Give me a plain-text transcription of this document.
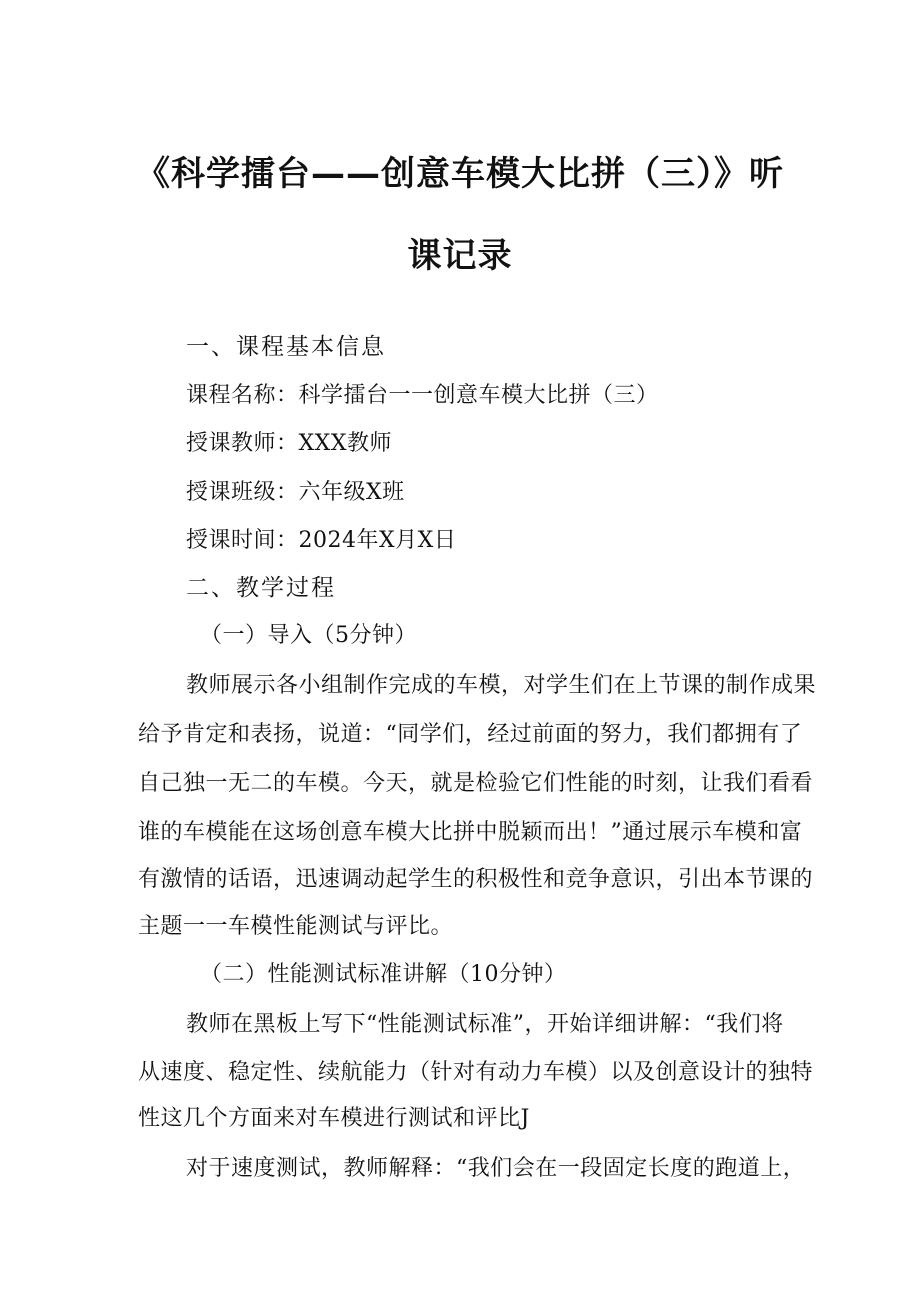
《科学擂台——创意车模大比拼（三）》听
课记录
一、课程基本信息
课程名称：科学擂台一一创意车模大比拼（三）
授课教师：XXX教师
授课班级：六年级X班
授课时间：2024年X月X日
二、教学过程
（一）导入（5分钟）
教师展示各小组制作完成的车模，对学生们在上节课的制作成果
给予肯定和表扬，说道：“同学们，经过前面的努力，我们都拥有了
自己独一无二的车模。今天，就是检验它们性能的时刻，让我们看看
谁的车模能在这场创意车模大比拼中脱颖而出！”通过展示车模和富
有激情的话语，迅速调动起学生的积极性和竞争意识，引出本节课的
主题一一车模性能测试与评比。
（二）性能测试标准讲解（10分钟）
教师在黑板上写下“性能测试标准”，开始详细讲解：“我们将
从速度、稳定性、续航能力（针对有动力车模）以及创意设计的独特
性这几个方面来对车模进行测试和评比J
对于速度测试，教师解释：“我们会在一段固定长度的跑道上，
